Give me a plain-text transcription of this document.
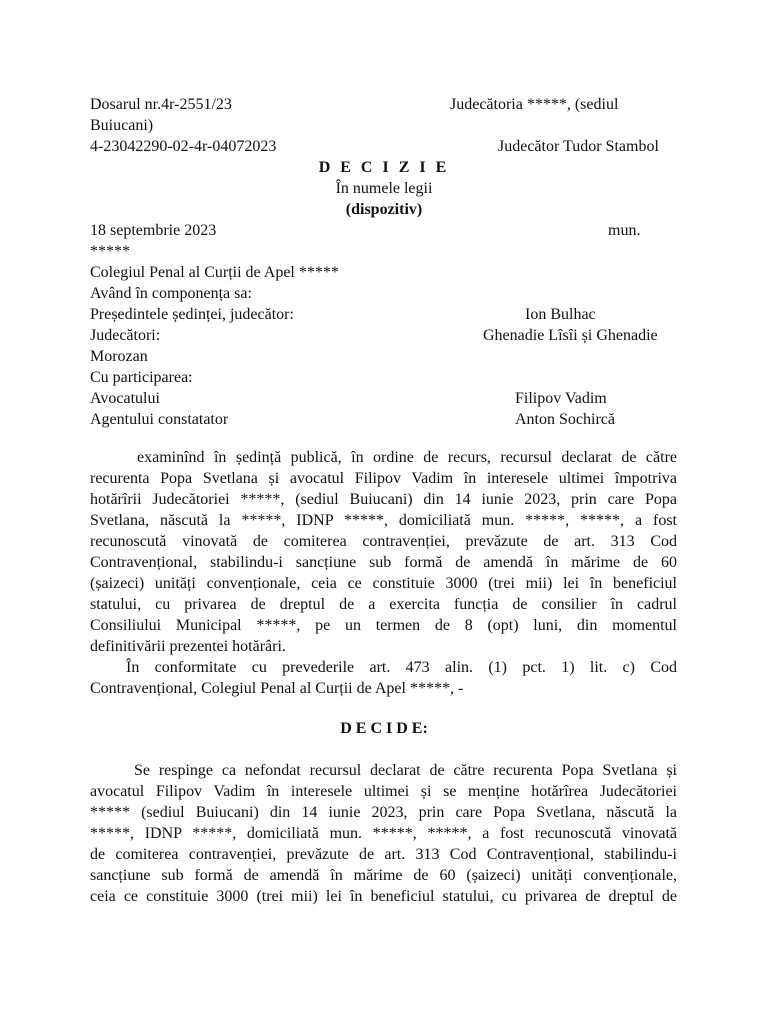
Dosarul nr.4r-2551/23	Judecătoria *****, (sediul
Buiucani)
4-23042290-02-4r-04072023	Judecător Tudor Stambol
D E C I Z I E
În numele legii
(dispozitiv)
18 septembrie 2023	mun.
*****
Colegiul Penal al Curții de Apel *****
Având în componența sa:
Președintele ședinței, judecător:	Ion Bulhac
Judecători:	Ghenadie Lîsîi și Ghenadie
Morozan
Cu participarea:
Avocatului	Filipov Vadim
Agentului constatator	Anton Sochircă
examinînd în ședință publică, în ordine de recurs, recursul declarat de către
recurenta Popa Svetlana și avocatul Filipov Vadim în interesele ultimei împotriva
hotărîrii Judecătoriei *****, (sediul Buiucani) din 14 iunie 2023, prin care Popa
Svetlana, născută la *****, IDNP *****, domiciliată mun. *****, *****, a fost
recunoscută vinovată de comiterea contravenției, prevăzute de art. 313 Cod
Contravențional, stabilindu-i sancțiune sub formă de amendă în mărime de 60
(șaizeci) unități convenționale, ceia ce constituie 3000 (trei mii) lei în beneficiul
statului, cu privarea de dreptul de a exercita funcția de consilier în cadrul
Consiliului Municipal *****, pe un termen de 8 (opt) luni, din momentul
definitivării prezentei hotărâri.
În conformitate cu prevederile art. 473 alin. (1) pct. 1) lit. c) Cod
Contravențional, Colegiul Penal al Curții de Apel *****, -
D E C I D E:
Se respinge ca nefondat recursul declarat de către recurenta Popa Svetlana și
avocatul Filipov Vadim în interesele ultimei și se menține hotărîrea Judecătoriei
***** (sediul Buiucani) din 14 iunie 2023, prin care Popa Svetlana, născută la
*****, IDNP *****, domiciliată mun. *****, *****, a fost recunoscută vinovată
de comiterea contravenției, prevăzute de art. 313 Cod Contravențional, stabilindu-i
sancțiune sub formă de amendă în mărime de 60 (șaizeci) unități convenționale,
ceia ce constituie 3000 (trei mii) lei în beneficiul statului, cu privarea de dreptul de
